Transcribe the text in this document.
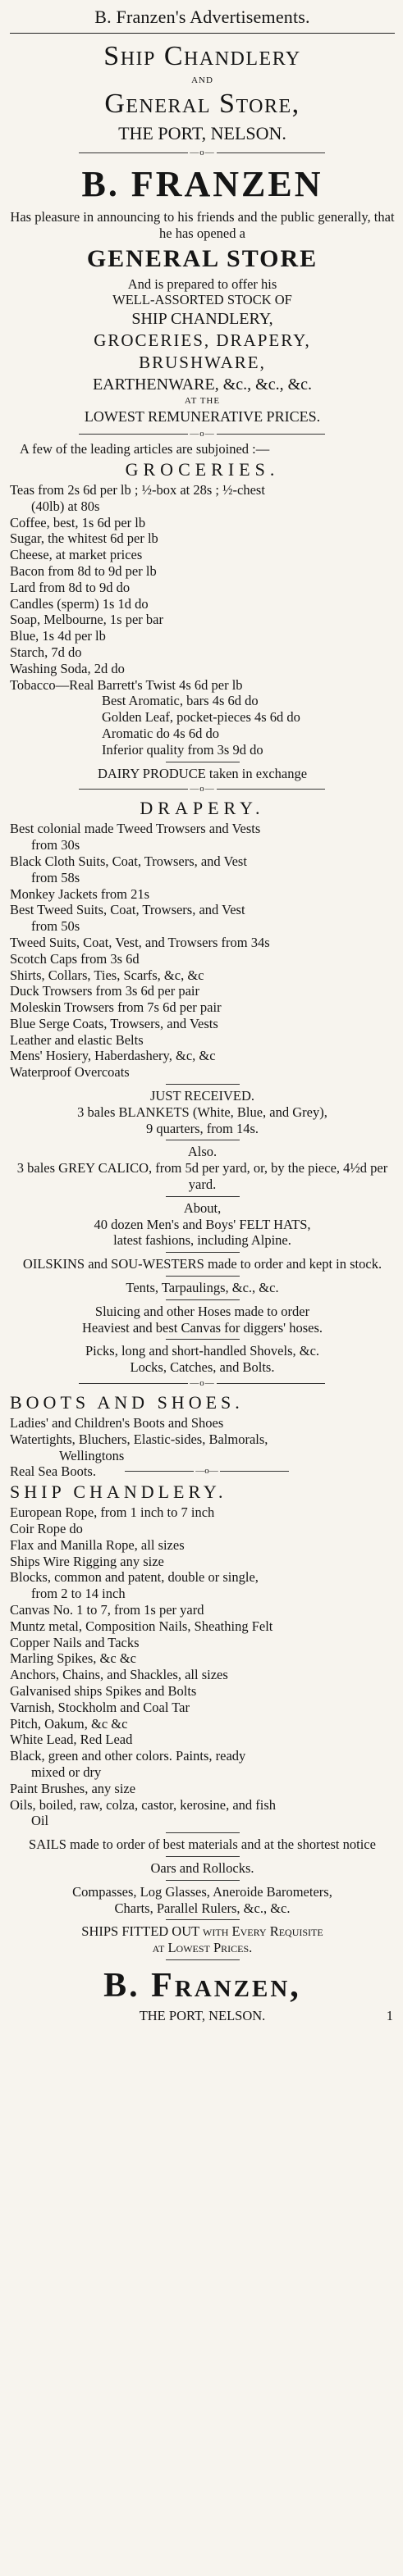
B. Franzen's Advertisements.
Ship Chandlery
AND
General Store,
THE PORT, NELSON.
—o—
B. FRANZEN
Has pleasure in announcing to his friends and the public generally, that he has opened a
GENERAL STORE
And is prepared to offer his
WELL-ASSORTED STOCK OF
SHIP CHANDLERY,
GROCERIES, DRAPERY,
BRUSHWARE,
EARTHENWARE, &c., &c., &c.
AT THE
LOWEST REMUNERATIVE PRICES.
—o—
A few of the leading articles are subjoined :—
GROCERIES.
Teas from 2s 6d per lb ; ½-box at 28s ; ½-chest
(40lb) at 80s
Coffee, best, 1s 6d per lb
Sugar, the whitest 6d per lb
Cheese, at market prices
Bacon from 8d to 9d per lb
Lard from 8d to 9d do
Candles (sperm) 1s 1d do
Soap, Melbourne, 1s per bar
Blue, 1s 4d per lb
Starch, 7d do
Washing Soda, 2d do
Tobacco—Real Barrett's Twist 4s 6d per lb
Best Aromatic, bars 4s 6d do
Golden Leaf, pocket-pieces 4s 6d do
Aromatic do 4s 6d do
Inferior quality from 3s 9d do
DAIRY PRODUCE taken in exchange
—o—
DRAPERY.
Best colonial made Tweed Trowsers and Vests
from 30s
Black Cloth Suits, Coat, Trowsers, and Vest
from 58s
Monkey Jackets from 21s
Best Tweed Suits, Coat, Trowsers, and Vest
from 50s
Tweed Suits, Coat, Vest, and Trowsers from 34s
Scotch Caps from 3s 6d
Shirts, Collars, Ties, Scarfs, &c, &c
Duck Trowsers from 3s 6d per pair
Moleskin Trowsers from 7s 6d per pair
Blue Serge Coats, Trowsers, and Vests
Leather and elastic Belts
Mens' Hosiery, Haberdashery, &c, &c
Waterproof Overcoats
JUST RECEIVED.
3 bales BLANKETS (White, Blue, and Grey),
9 quarters, from 14s.
Also.
3 bales GREY CALICO, from 5d per yard, or, by the piece, 4½d per yard.
About,
40 dozen Men's and Boys' FELT HATS,
latest fashions, including Alpine.
OILSKINS and SOU-WESTERS made to order and kept in stock.
Tents, Tarpaulings, &c., &c.
Sluicing and other Hoses made to order
Heaviest and best Canvas for diggers' hoses.
Picks, long and short-handled Shovels, &c.
Locks, Catches, and Bolts.
—o—
BOOTS AND SHOES.
Ladies' and Children's Boots and Shoes
Watertights, Bluchers, Elastic-sides, Balmorals,
Wellingtons
Real Sea Boots.	—o—
SHIP CHANDLERY.
European Rope, from 1 inch to 7 inch
Coir Rope do
Flax and Manilla Rope, all sizes
Ships Wire Rigging any size
Blocks, common and patent, double or single,
from 2 to 14 inch
Canvas No. 1 to 7, from 1s per yard
Muntz metal, Composition Nails, Sheathing Felt
Copper Nails and Tacks
Marling Spikes, &c &c
Anchors, Chains, and Shackles, all sizes
Galvanised ships Spikes and Bolts
Varnish, Stockholm and Coal Tar
Pitch, Oakum, &c &c
White Lead, Red Lead
Black, green and other colors. Paints, ready
mixed or dry
Paint Brushes, any size
Oils, boiled, raw, colza, castor, kerosine, and fish
Oil
SAILS made to order of best materials and at the shortest notice
Oars and Rollocks.
Compasses, Log Glasses, Aneroide Barometers,
Charts, Parallel Rulers, &c., &c.
SHIPS FITTED OUT with Every Requisite
at Lowest Prices.
B. Franzen,
THE PORT, NELSON.	1
